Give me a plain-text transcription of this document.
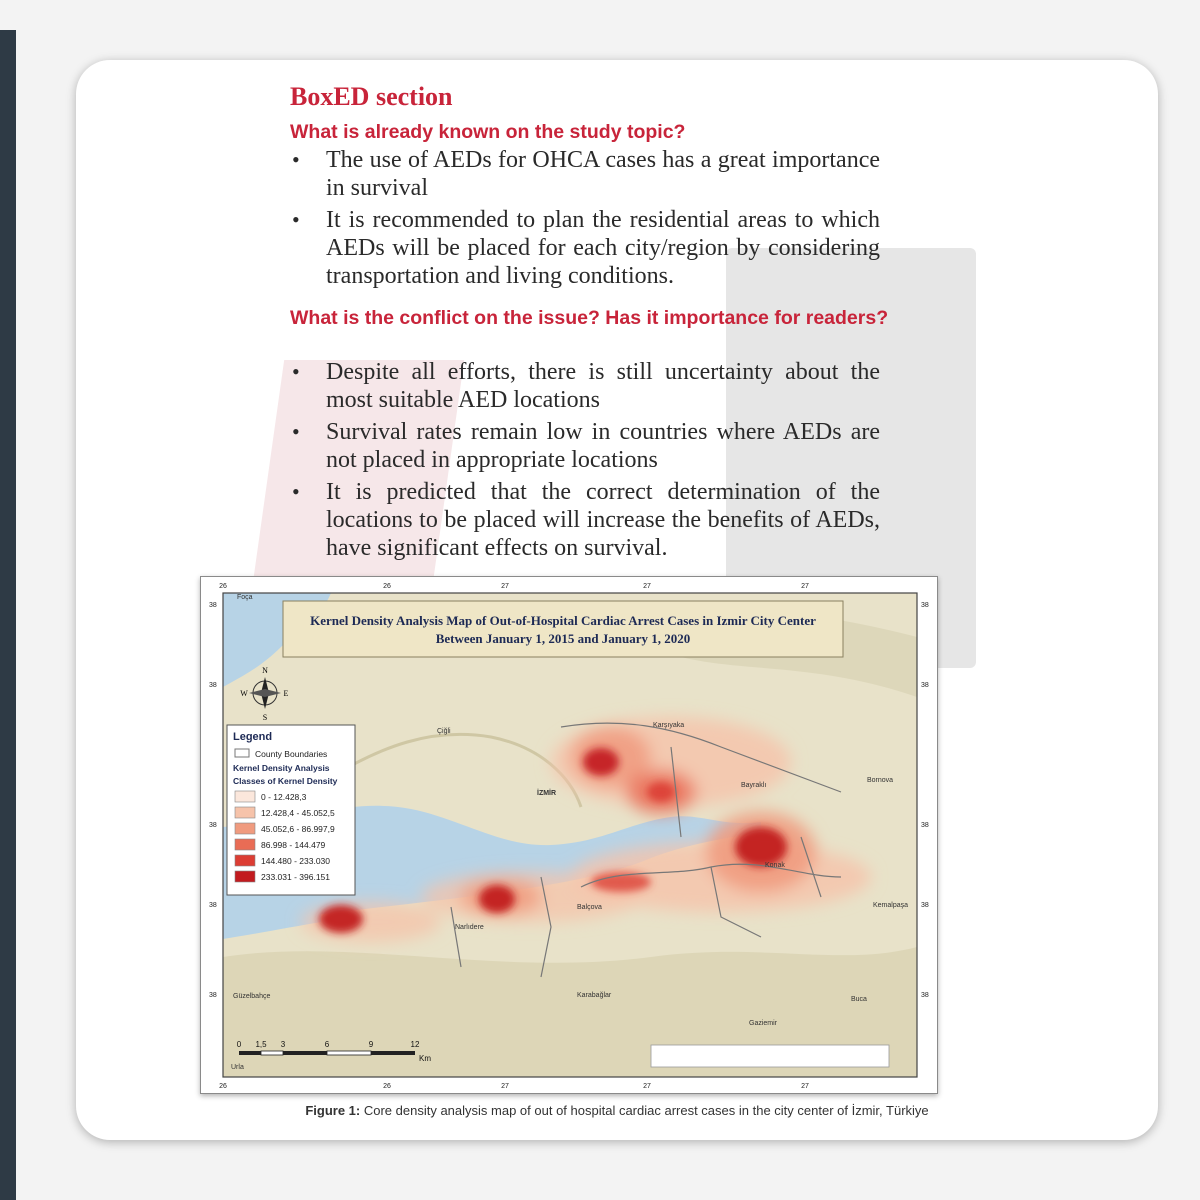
BoxED section
What is already known on the study topic?
• The use of AEDs for OHCA cases has a great importance in survival
• It is recommended to plan the residential areas to which AEDs will be placed for each city/region by considering transportation and living conditions.
What is the conflict on the issue? Has it importance for readers?
• Despite all efforts, there is still uncertainty about the most suitable AED locations
• Survival rates remain low in countries where AEDs are not placed in appropriate locations
• It is predicted that the correct determination of the locations to be placed will increase the benefits of AEDs, have significant effects on survival.
Kernel Density Analysis Map of Out-of-Hospital Cardiac Arrest Cases in Izmir City Center
Between January 1, 2015 and January 1, 2020
N
S
E
W
Legend
County Boundaries
Kernel Density Analysis
Classes of Kernel Density
0 - 12.428,3
12.428,4 - 45.052,5
45.052,6 - 86.997,9
86.998 - 144.479
144.480 - 233.030
233.031 - 396.151
Foça
Çiğli
Karşıyaka
İZMİR
Bayraklı
Bornova
Konak
Balçova
Narlıdere
Karabağlar
Güzelbahçe
Gaziemir
Buca
Kemalpaşa
Urla
0 1,5 3	6	9	12
Km
26	26	27	27	27
26	26	27	27	27
38
38
38
38
38
38
38
38
38
38
Figure 1: Core density analysis map of out of hospital cardiac arrest cases in the city center of İzmir, Türkiye
